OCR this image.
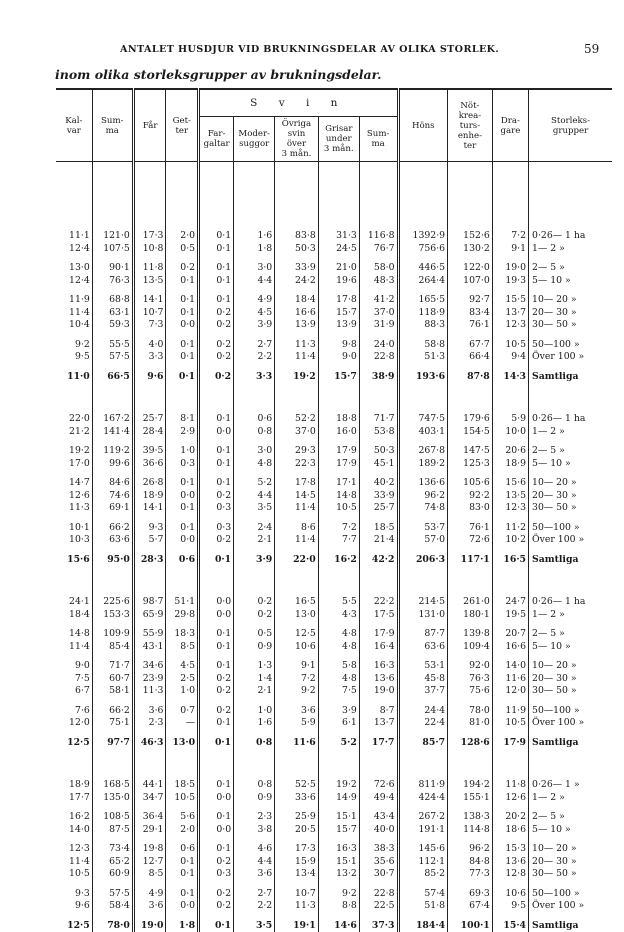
ANTALET HUSDJUR VID BRUKNINGSDELAR AV OLIKA STORLEK.	59
inom olika storleksgrupper av brukningsdelar.
Kal-
var	Sum-
ma	Får	Get-
ter	S v i n					Höns	Nöt-
krea-
turs-
enhe-
ter	Dra-
gare	Storleks-
grupper
				Far-
galtar	Moder-
suggor	Övriga
svin
över
3 mån.	Grisar
under
3 mån.	Sum-
ma				

11·1	121·0	17·3	2·0	0·1	1·6	83·8	31·3	116·8	1392·9	152·6	7·2	0·26— 1 ha
12·4	107·5	10·8	0·5	0·1	1·8	50·3	24·5	76·7	756·6	130·2	9·1	1— 2 »

13·0	90·1	11·8	0·2	0·1	3·0	33·9	21·0	58·0	446·5	122·0	19·0	2— 5 »
12·4	76·3	13·5	0·1	0·1	4·4	24·2	19·6	48·3	264·4	107·0	19·3	5— 10 »

11·9	68·8	14·1	0·1	0·1	4·9	18·4	17·8	41·2	165·5	92·7	15·5	10— 20 »
11·4	63·1	10·7	0·1	0·2	4·5	16·6	15·7	37·0	118·9	83·4	13·7	20— 30 »
10·4	59·3	7·3	0·0	0·2	3·9	13·9	13·9	31·9	88·3	76·1	12·3	30— 50 »

9·2	55·5	4·0	0·1	0·2	2·7	11·3	9·8	24·0	58·8	67·7	10·5	50—100 »
9·5	57·5	3·3	0·1	0·2	2·2	11·4	9·0	22·8	51·3	66·4	9·4	Över 100 »

11·0	66·5	9·6	0·1	0·2	3·3	19·2	15·7	38·9	193·6	87·8	14·3	Samtliga

22·0	167·2	25·7	8·1	0·1	0·6	52·2	18·8	71·7	747·5	179·6	5·9	0·26— 1 ha
21·2	141·4	28·4	2·9	0·0	0·8	37·0	16·0	53·8	403·1	154·5	10·0	1— 2 »

19·2	119·2	39·5	1·0	0·1	3·0	29·3	17·9	50·3	267·8	147·5	20·6	2— 5 »
17·0	99·6	36·6	0·3	0·1	4·8	22·3	17·9	45·1	189·2	125·3	18·9	5— 10 »

14·7	84·6	26·8	0·1	0·1	5·2	17·8	17·1	40·2	136·6	105·6	15·6	10— 20 »
12·6	74·6	18·9	0·0	0·2	4·4	14·5	14·8	33·9	96·2	92·2	13·5	20— 30 »
11·3	69·1	14·1	0·1	0·3	3·5	11·4	10·5	25·7	74·8	83·0	12·3	30— 50 »

10·1	66·2	9·3	0·1	0·3	2·4	8·6	7·2	18·5	53·7	76·1	11·2	50—100 »
10·3	63·6	5·7	0·0	0·2	2·1	11·4	7·7	21·4	57·0	72·6	10·2	Över 100 »

15·6	95·0	28·3	0·6	0·1	3·9	22·0	16·2	42·2	206·3	117·1	16·5	Samtliga

24·1	225·6	98·7	51·1	0·0	0·2	16·5	5·5	22·2	214·5	261·0	24·7	0·26— 1 ha
18·4	153·3	65·9	29·8	0·0	0·2	13·0	4·3	17·5	131·0	180·1	19·5	1— 2 »

14·8	109·9	55·9	18·3	0·1	0·5	12·5	4·8	17·9	87·7	139·8	20·7	2— 5 »
11·4	85·4	43·1	8·5	0·1	0·9	10·6	4·8	16·4	63·6	109·4	16·6	5— 10 »

9·0	71·7	34·6	4·5	0·1	1·3	9·1	5·8	16·3	53·1	92·0	14·0	10— 20 »
7·5	60·7	23·9	2·5	0·2	1·4	7·2	4·8	13·6	45·8	76·3	11·6	20— 30 »
6·7	58·1	11·3	1·0	0·2	2·1	9·2	7·5	19·0	37·7	75·6	12·0	30— 50 »

7·6	66·2	3·6	0·7	0·2	1·0	3·6	3·9	8·7	24·4	78·0	11·9	50—100 »
12·0	75·1	2·3	—	0·1	1·6	5·9	6·1	13·7	22·4	81·0	10·5	Över 100 »

12·5	97·7	46·3	13·0	0·1	0·8	11·6	5·2	17·7	85·7	128·6	17·9	Samtliga

18·9	168·5	44·1	18·5	0·1	0·8	52·5	19·2	72·6	811·9	194·2	11·8	0·26— 1 »
17·7	135·0	34·7	10·5	0·0	0·9	33·6	14·9	49·4	424·4	155·1	12·6	1— 2 »

16·2	108·5	36·4	5·6	0·1	2·3	25·9	15·1	43·4	267·2	138·3	20·2	2— 5 »
14·0	87·5	29·1	2·0	0·0	3·8	20·5	15·7	40·0	191·1	114·8	18·6	5— 10 »

12·3	73·4	19·8	0·6	0·1	4·6	17·3	16·3	38·3	145·6	96·2	15·3	10— 20 »
11·4	65·2	12·7	0·1	0·2	4·4	15·9	15·1	35·6	112·1	84·8	13·6	20— 30 »
10·5	60·9	8·5	0·1	0·3	3·6	13·4	13·2	30·7	85·2	77·3	12·8	30— 50 »

9·3	57·5	4·9	0·1	0·2	2·7	10·7	9·2	22·8	57·4	69·3	10·6	50—100 »
9·6	58·4	3·6	0·0	0·2	2·2	11·3	8·8	22·5	51·8	67·4	9·5	Över 100 »

12·5	78·0	19·0	1·8	0·1	3·5	19·1	14·6	37·3	184·4	100·1	15·4	Samtliga
